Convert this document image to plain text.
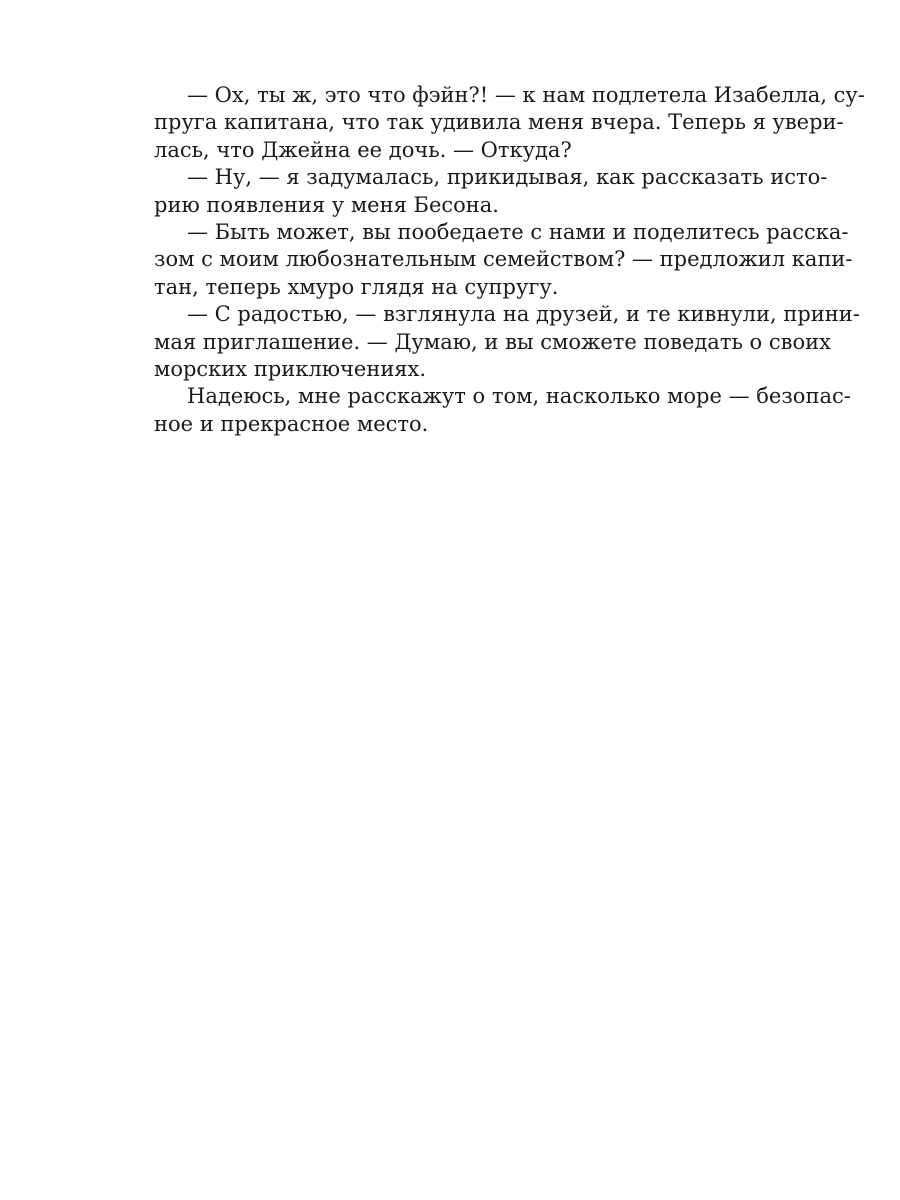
— Ох, ты ж, это что фэйн?! — к нам подлетела Изабелла, су-
пруга капитана, что так удивила меня вчера. Теперь я увери-
лась, что Джейна ее дочь. — Откуда?
— Ну, — я задумалась, прикидывая, как рассказать исто-
рию появления у меня Бесона.
— Быть может, вы пообедаете с нами и поделитесь расска-
зом с моим любознательным семейством? — предложил капи-
тан, теперь хмуро глядя на супругу.
— С радостью, — взглянула на друзей, и те кивнули, прини-
мая приглашение. — Думаю, и вы сможете поведать о своих
морских приключениях.
Надеюсь, мне расскажут о том, насколько море — безопас-
ное и прекрасное место.
